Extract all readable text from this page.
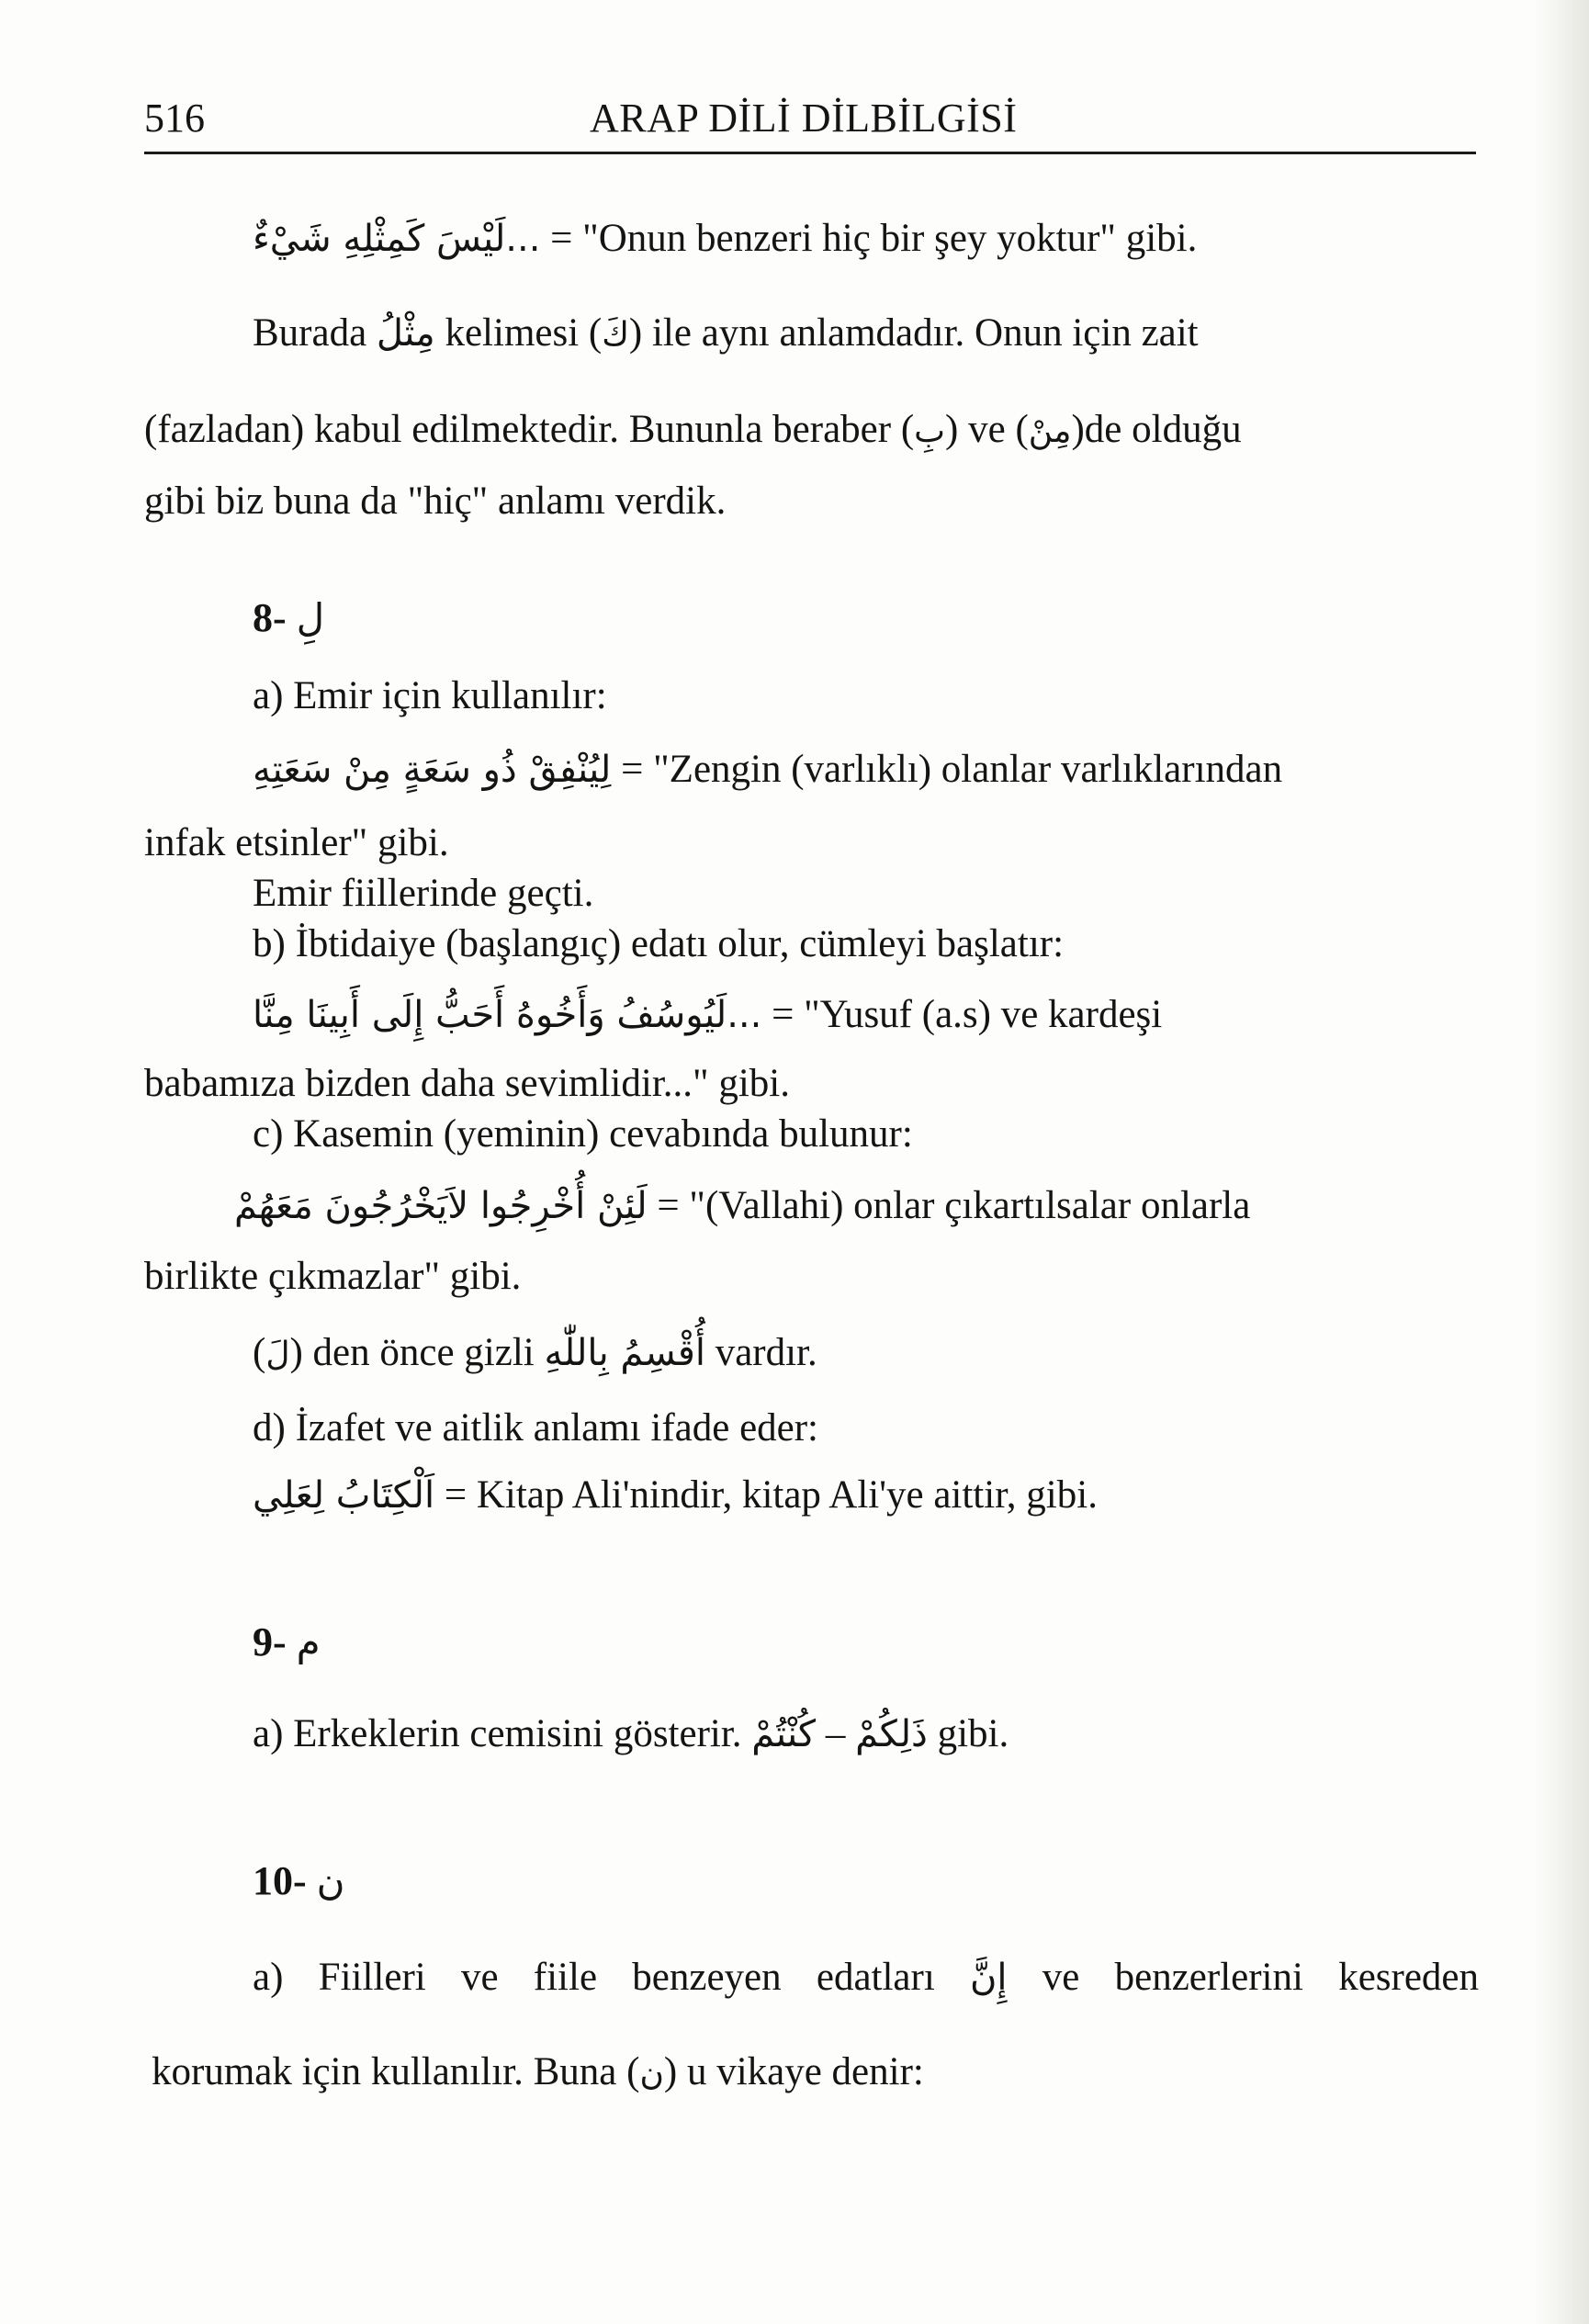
516	ARAP DİLİ DİLBİLGİSİ
...لَيْسَ كَمِثْلِهِ شَيْءٌ = "Onun benzeri hiç bir şey yoktur" gibi.
Burada مِثْلُ kelimesi (كَ) ile aynı anlamdadır. Onun için zait
(fazladan) kabul edilmektedir. Bununla beraber (بِ) ve (مِنْ)de olduğu
gibi biz buna da "hiç" anlamı verdik.
8- لِ
a) Emir için kullanılır:
لِيُنْفِقْ ذُو سَعَةٍ مِنْ سَعَتِهِ = "Zengin (varlıklı) olanlar varlıklarından
infak etsinler" gibi.
Emir fiillerinde geçti.
b) İbtidaiye (başlangıç) edatı olur, cümleyi başlatır:
...لَيُوسُفُ وَأَخُوهُ أَحَبُّ إِلَى أَبِينَا مِنَّا = "Yusuf (a.s) ve kardeşi
babamıza bizden daha sevimlidir..." gibi.
c) Kasemin (yeminin) cevabında bulunur:
لَئِنْ أُخْرِجُوا لاَيَخْرُجُونَ مَعَهُمْ = "(Vallahi) onlar çıkartılsalar onlarla
birlikte çıkmazlar" gibi.
(لَ) den önce gizli أُقْسِمُ بِاللّٰهِ vardır.
d) İzafet ve aitlik anlamı ifade eder:
اَلْكِتَابُ لِعَلِي = Kitap Ali'nindir, kitap Ali'ye aittir, gibi.
9- م
a) Erkeklerin cemisini gösterir. كُنْتُمْ – ذَلِكُمْ gibi.
10- ن
a) Fiilleri ve fiile benzeyen edatları إِنَّ ve benzerlerini kesreden
korumak için kullanılır. Buna (ن) u vikaye denir:
